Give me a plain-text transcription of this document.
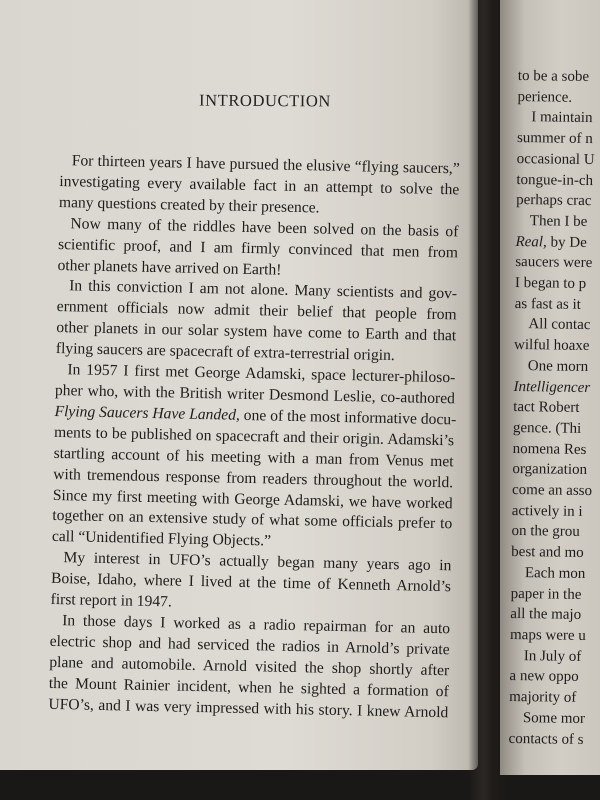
INTRODUCTION
For thirteen years I have pursued the elusive “flying saucers,”
investigating every available fact in an attempt to solve the
many questions created by their presence.
Now many of the riddles have been solved on the basis of
scientific proof, and I am firmly convinced that men from
other planets have arrived on Earth!
In this conviction I am not alone. Many scientists and gov-
ernment officials now admit their belief that people from
other planets in our solar system have come to Earth and that
flying saucers are spacecraft of extra-terrestrial origin.
In 1957 I first met George Adamski, space lecturer-philoso-
pher who, with the British writer Desmond Leslie, co-authored
Flying Saucers Have Landed, one of the most informative docu-
ments to be published on spacecraft and their origin. Adamski’s
startling account of his meeting with a man from Venus met
with tremendous response from readers throughout the world.
Since my first meeting with George Adamski, we have worked
together on an extensive study of what some officials prefer to
call “Unidentified Flying Objects.”
My interest in UFO’s actually began many years ago in
Boise, Idaho, where I lived at the time of Kenneth Arnold’s
first report in 1947.
In those days I worked as a radio repairman for an auto
electric shop and had serviced the radios in Arnold’s private
plane and automobile. Arnold visited the shop shortly after
the Mount Rainier incident, when he sighted a formation of
UFO’s, and I was very impressed with his story. I knew Arnold
to be a sobe
perience.
I maintain
summer of n
occasional U
tongue-in-ch
perhaps crac
Then I be
Real, by De
saucers were
I began to p
as fast as it
All contac
wilful hoaxe
One morn
Intelligencer
tact Robert
gence. (Thi
nomena Res
organization
come an asso
actively in i
on the grou
best and mo
Each mon
paper in the
all the majo
maps were u
In July of
a new oppo
majority of
Some mor
contacts of s
